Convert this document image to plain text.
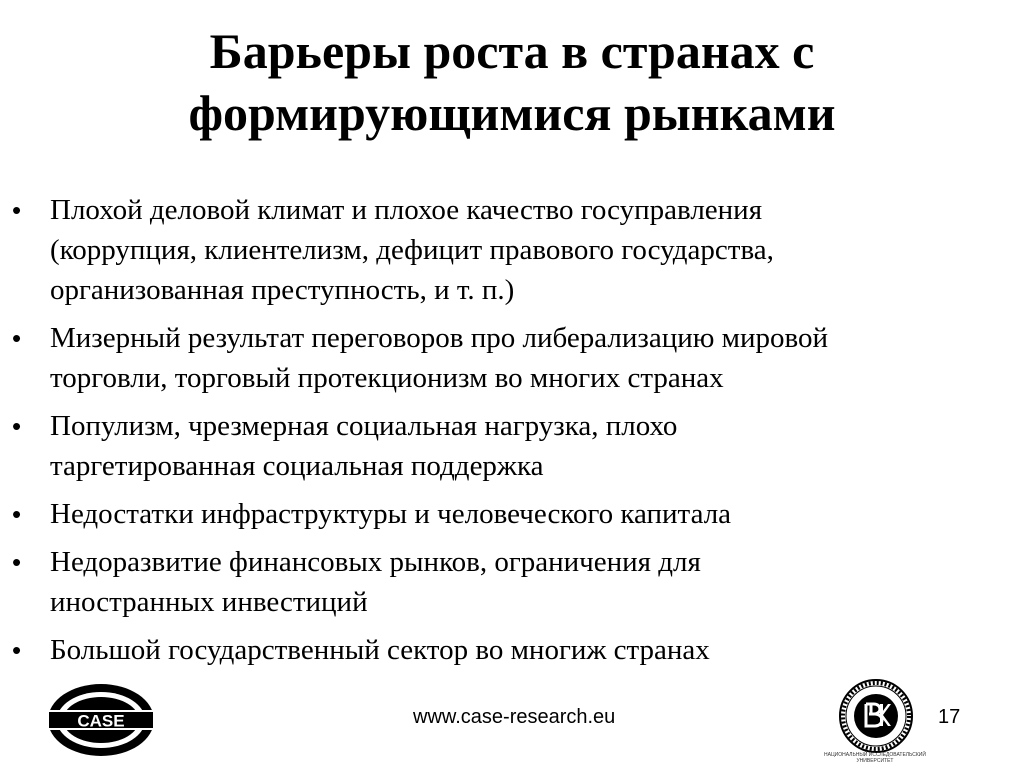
Барьеры роста в странах с
формирующимися рынками
• Плохой деловой климат и плохое качество госуправления
(коррупция, клиентелизм, дефицит правового государства,
организованная преступность, и т. п.)
• Мизерный результат переговоров про либерализацию мировой
торговли, торговый протекционизм во многих странах
• Популизм, чрезмерная социальная нагрузка, плохо
таргетированная социальная поддержка
• Недостатки инфраструктуры и человеческого капитала
• Недоразвитие финансовых рынков, ограничения для
иностранных инвестиций
• Большой государственный сектор во многиж странах
CASE	www.case-research.eu
НАЦИОНАЛЬНЫЙ ИССЛЕДОВАТЕЛЬСКИЙ
УНИВЕРСИТЕТ
17
